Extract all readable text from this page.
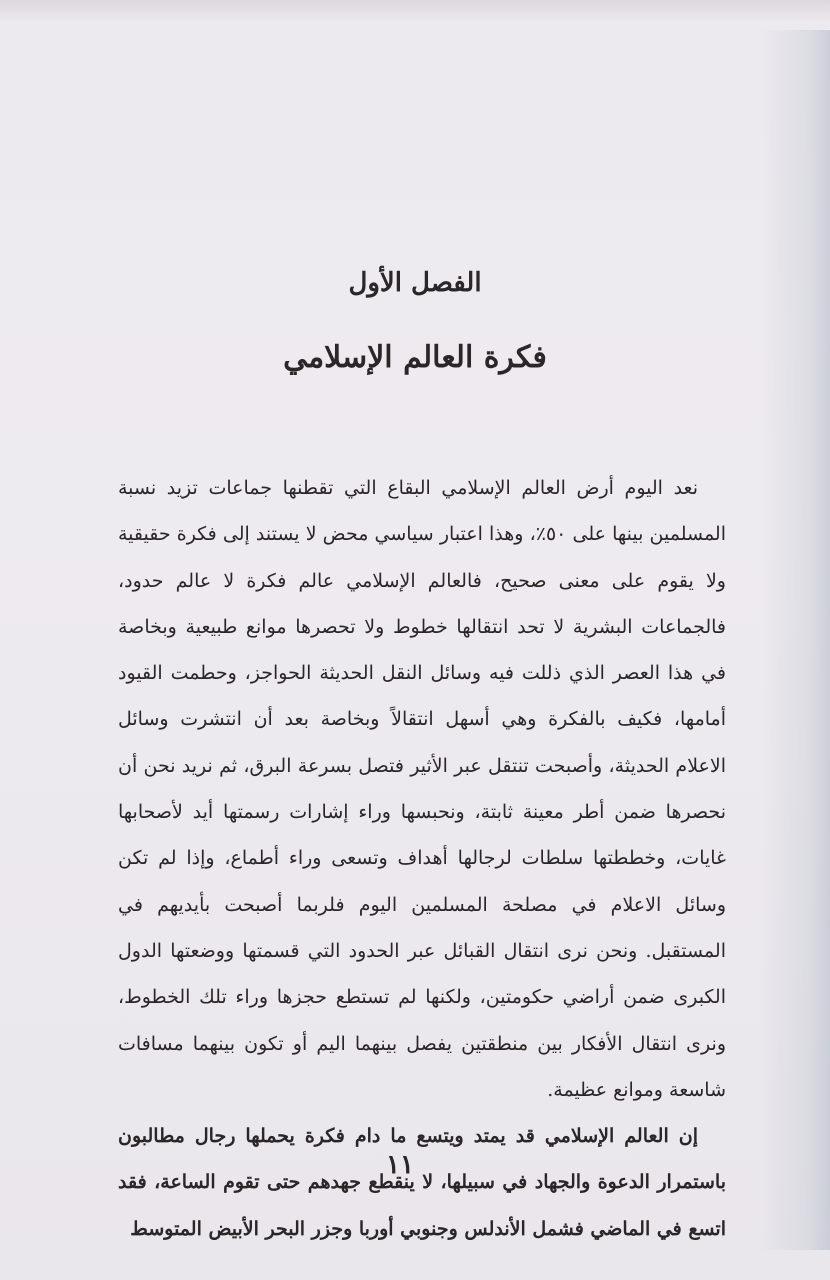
الفصل الأول
فكرة العالم الإسلامي

نعد اليوم أرض العالم الإسلامي البقاع التي تقطنها جماعات تزيد نسبة المسلمين بينها على ٥٠٪، وهذا اعتبار سياسي محض لا يستند إلى فكرة حقيقية ولا يقوم على معنى صحيح، فالعالم الإسلامي عالم فكرة لا عالم حدود، فالجماعات البشرية لا تحد انتقالها خطوط ولا تحصرها موانع طبيعية وبخاصة في هذا العصر الذي ذللت فيه وسائل النقل الحديثة الحواجز، وحطمت القيود أمامها، فكيف بالفكرة وهي أسهل انتقالاً وبخاصة بعد أن انتشرت وسائل الاعلام الحديثة، وأصبحت تنتقل عبر الأثير فتصل بسرعة البرق، ثم نريد نحن أن نحصرها ضمن أطر معينة ثابتة، ونحبسها وراء إشارات رسمتها أيد لأصحابها غايات، وخططتها سلطات لرجالها أهداف وتسعى وراء أطماع، وإذا لم تكن وسائل الاعلام في مصلحة المسلمين اليوم فلربما أصبحت بأيديهم في المستقبل. ونحن نرى انتقال القبائل عبر الحدود التي قسمتها ووضعتها الدول الكبرى ضمن أراضي حكومتين، ولكنها لم تستطع حجزها وراء تلك الخطوط، ونرى انتقال الأفكار بين منطقتين يفصل بينهما اليم أو تكون بينهما مسافات شاسعة وموانع عظيمة.

إن العالم الإسلامي قد يمتد ويتسع ما دام فكرة يحملها رجال مطالبون باستمرار الدعوة والجهاد في سبيلها، لا ينقطع جهدهم حتى تقوم الساعة، فقد اتسع في الماضي فشمل الأندلس وجنوبي أوربا وجزر البحر الأبيض المتوسط

١١
